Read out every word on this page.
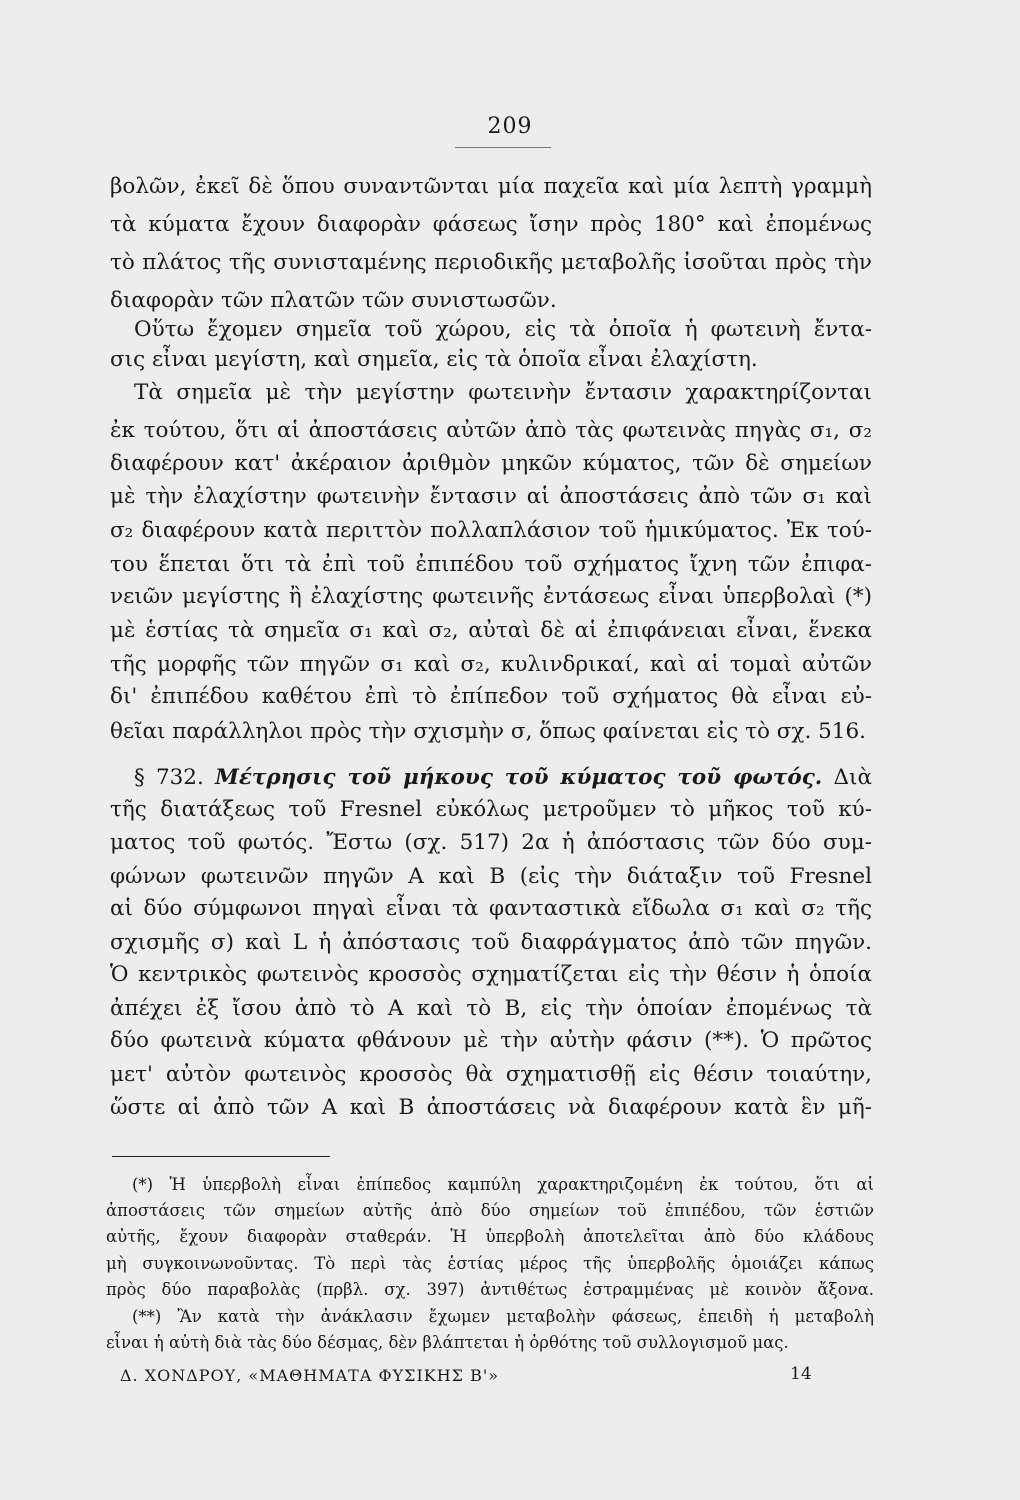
209
βολῶν, ἐκεῖ δὲ ὅπου συναντῶνται μία παχεῖα καὶ μία λεπτὴ γραμμὴ
τὰ κύματα ἔχουν διαφορὰν φάσεως ἴσην πρὸς 180° καὶ ἐπομένως
τὸ πλάτος τῆς συνισταμένης περιοδικῆς μεταβολῆς ἰσοῦται πρὸς τὴν
διαφορὰν τῶν πλατῶν τῶν συνιστωσῶν.
Οὕτω ἔχομεν σημεῖα τοῦ χώρου, εἰς τὰ ὁποῖα ἡ φωτεινὴ ἔντα-
σις εἶναι μεγίστη, καὶ σημεῖα, εἰς τὰ ὁποῖα εἶναι ἐλαχίστη.
Τὰ σημεῖα μὲ τὴν μεγίστην φωτεινὴν ἔντασιν χαρακτηρίζονται
ἐκ τούτου, ὅτι αἱ ἀποστάσεις αὐτῶν ἀπὸ τὰς φωτεινὰς πηγὰς σ₁, σ₂
διαφέρουν κατ' ἀκέραιον ἀριθμὸν μηκῶν κύματος, τῶν δὲ σημείων
μὲ τὴν ἐλαχίστην φωτεινὴν ἔντασιν αἱ ἀποστάσεις ἀπὸ τῶν σ₁ καὶ
σ₂ διαφέρουν κατὰ περιττὸν πολλαπλάσιον τοῦ ἡμικύματος. Ἐκ τού-
του ἕπεται ὅτι τὰ ἐπὶ τοῦ ἐπιπέδου τοῦ σχήματος ἴχνη τῶν ἐπιφα-
νειῶν μεγίστης ἢ ἐλαχίστης φωτεινῆς ἐντάσεως εἶναι ὑπερβολαὶ (*)
μὲ ἑστίας τὰ σημεῖα σ₁ καὶ σ₂, αὐταὶ δὲ αἱ ἐπιφάνειαι εἶναι, ἕνεκα
τῆς μορφῆς τῶν πηγῶν σ₁ καὶ σ₂, κυλινδρικαί, καὶ αἱ τομαὶ αὐτῶν
δι' ἐπιπέδου καθέτου ἐπὶ τὸ ἐπίπεδον τοῦ σχήματος θὰ εἶναι εὐ-
θεῖαι παράλληλοι πρὸς τὴν σχισμὴν σ, ὅπως φαίνεται εἰς τὸ σχ. 516.
§ 732. Μέτρησις τοῦ μήκους τοῦ κύματος τοῦ φωτός. Διὰ
τῆς διατάξεως τοῦ Fresnel εὐκόλως μετροῦμεν τὸ μῆκος τοῦ κύ-
ματος τοῦ φωτός. Ἔστω (σχ. 517) 2α ἡ ἀπόστασις τῶν δύο συμ-
φώνων φωτεινῶν πηγῶν Α καὶ Β (εἰς τὴν διάταξιν τοῦ Fresnel
αἱ δύο σύμφωνοι πηγαὶ εἶναι τὰ φανταστικὰ εἴδωλα σ₁ καὶ σ₂ τῆς
σχισμῆς σ) καὶ L ἡ ἀπόστασις τοῦ διαφράγματος ἀπὸ τῶν πηγῶν.
Ὁ κεντρικὸς φωτεινὸς κροσσὸς σχηματίζεται εἰς τὴν θέσιν ἡ ὁποία
ἀπέχει ἐξ ἴσου ἀπὸ τὸ Α καὶ τὸ Β, εἰς τὴν ὁποίαν ἐπομένως τὰ
δύο φωτεινὰ κύματα φθάνουν μὲ τὴν αὐτὴν φάσιν (**). Ὁ πρῶτος
μετ' αὐτὸν φωτεινὸς κροσσὸς θὰ σχηματισθῇ εἰς θέσιν τοιαύτην,
ὥστε αἱ ἀπὸ τῶν Α καὶ Β ἀποστάσεις νὰ διαφέρουν κατὰ ἓν μῆ-
(*) Ἡ ὑπερβολὴ εἶναι ἐπίπεδος καμπύλη χαρακτηριζομένη ἐκ τούτου, ὅτι αἱ
ἀποστάσεις τῶν σημείων αὐτῆς ἀπὸ δύο σημείων τοῦ ἐπιπέδου, τῶν ἑστιῶν
αὐτῆς, ἔχουν διαφορὰν σταθεράν. Ἡ ὑπερβολὴ ἀποτελεῖται ἀπὸ δύο κλάδους
μὴ συγκοινωνοῦντας. Τὸ περὶ τὰς ἑστίας μέρος τῆς ὑπερβολῆς ὁμοιάζει κάπως
πρὸς δύο παραβολὰς (πρβλ. σχ. 397) ἀντιθέτως ἐστραμμένας μὲ κοινὸν ἄξονα.
(**) Ἂν κατὰ τὴν ἀνάκλασιν ἔχωμεν μεταβολὴν φάσεως, ἐπειδὴ ἡ μεταβολὴ
εἶναι ἡ αὐτὴ διὰ τὰς δύο δέσμας, δὲν βλάπτεται ἡ ὀρθότης τοῦ συλλογισμοῦ μας.
Δ. ΧΟΝΔΡΟΥ, «ΜΑΘΗΜΑΤΑ ΦΥΣΙΚΗΣ Β'»	14
